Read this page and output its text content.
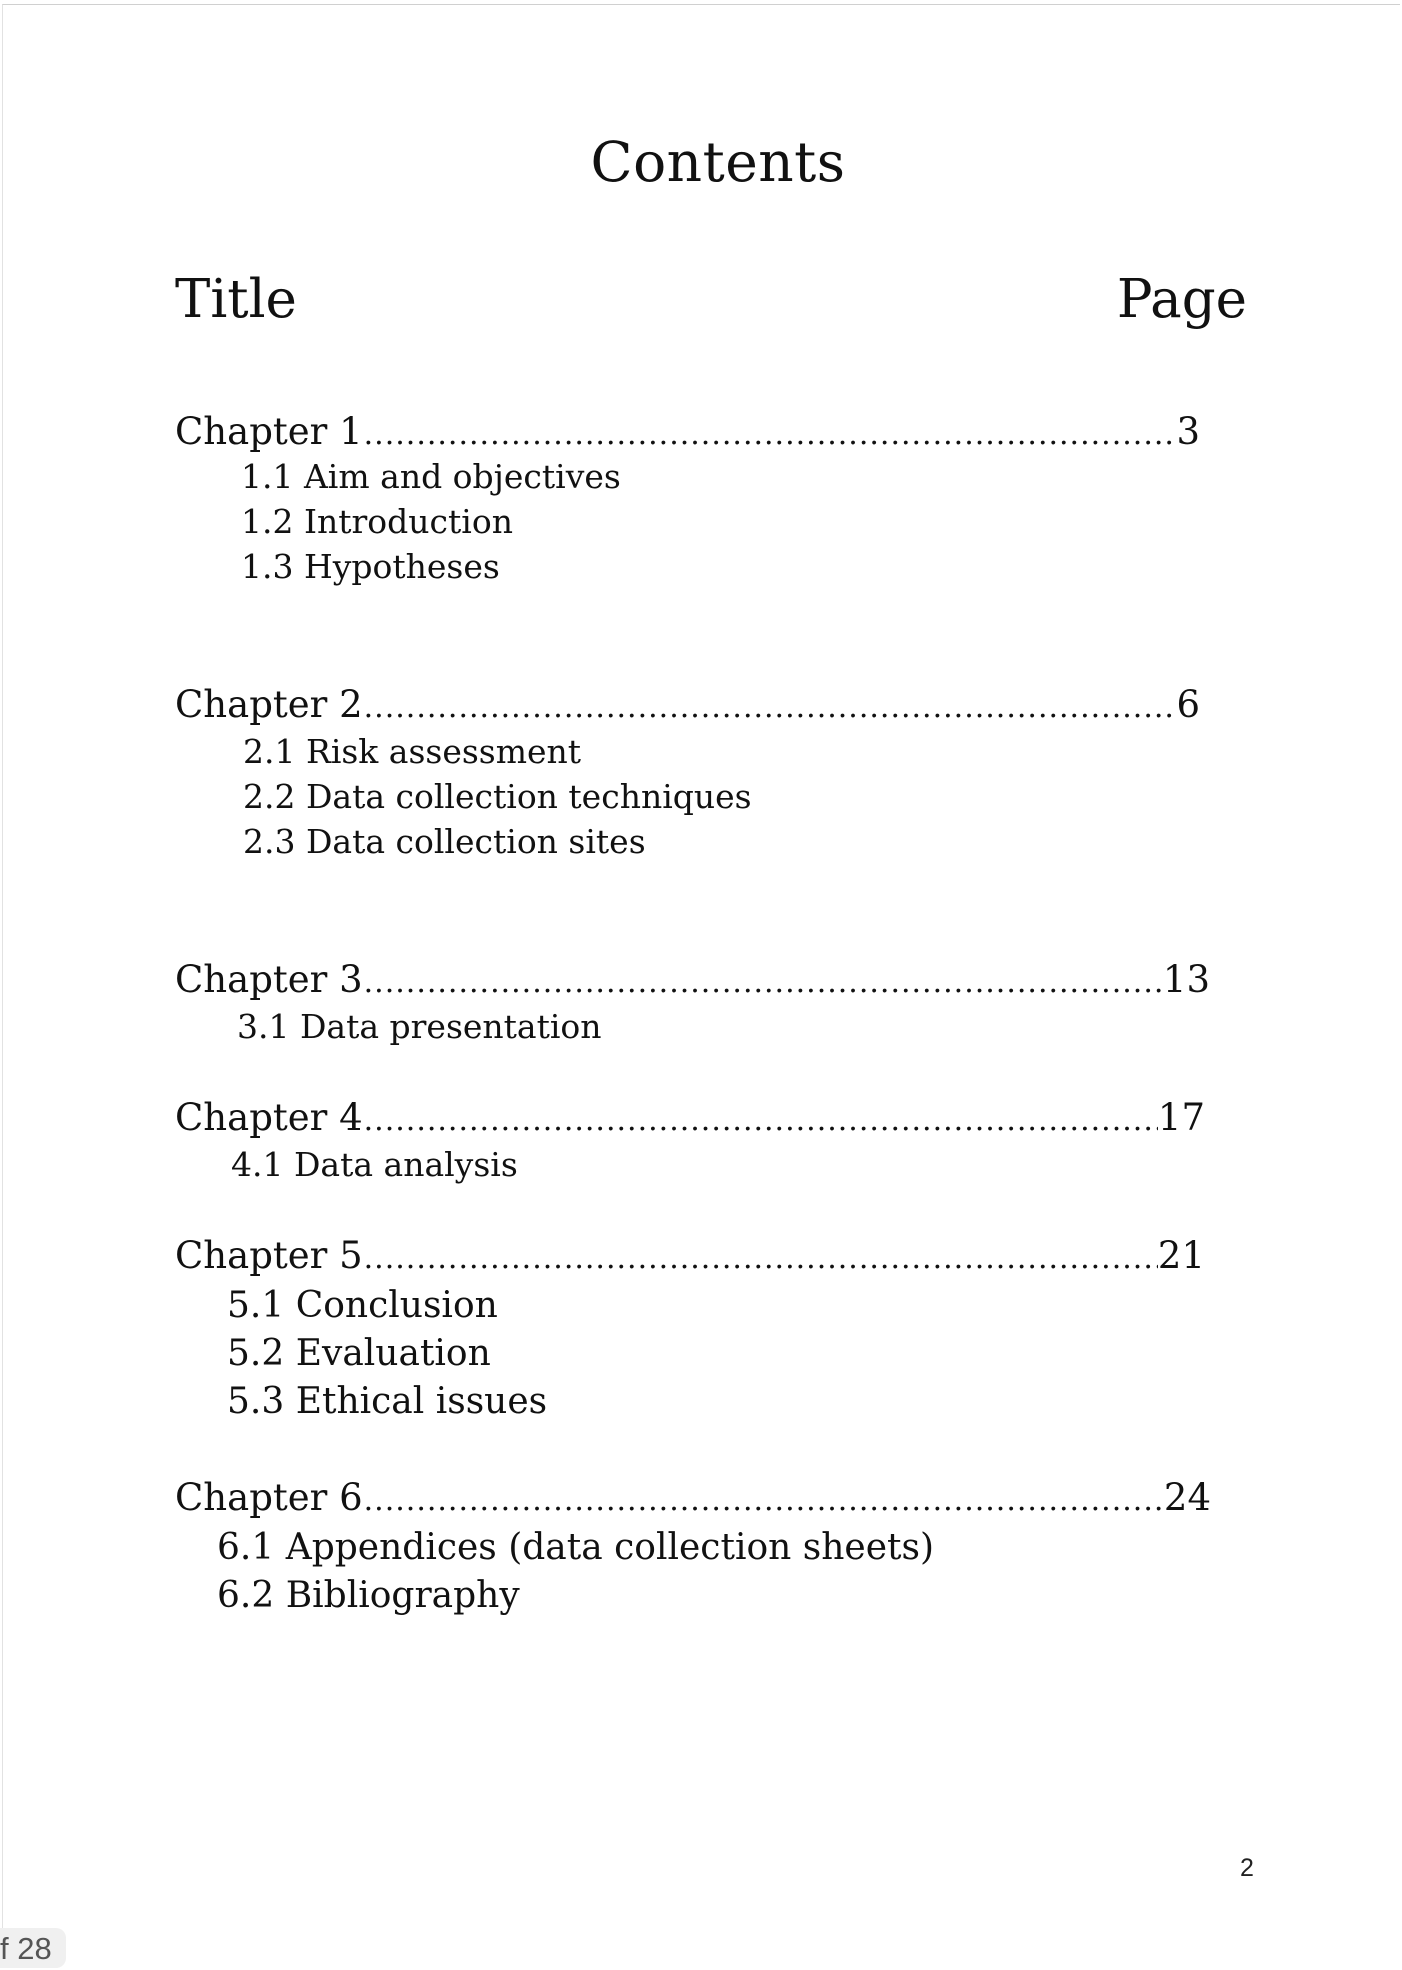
Contents
Title	Page
Chapter 1 .....	3
1.1 Aim and objectives
1.2 Introduction
1.3 Hypotheses
Chapter 2 .....	6
2.1 Risk assessment
2.2 Data collection techniques
2.3 Data collection sites
Chapter 3 .....	13
3.1 Data presentation
Chapter 4 .....	17
4.1 Data analysis
Chapter 5 .....	21
5.1 Conclusion
5.2 Evaluation
5.3 Ethical issues
Chapter 6 .....	24
6.1 Appendices (data collection sheets)
6.2 Bibliography
2
f 28
